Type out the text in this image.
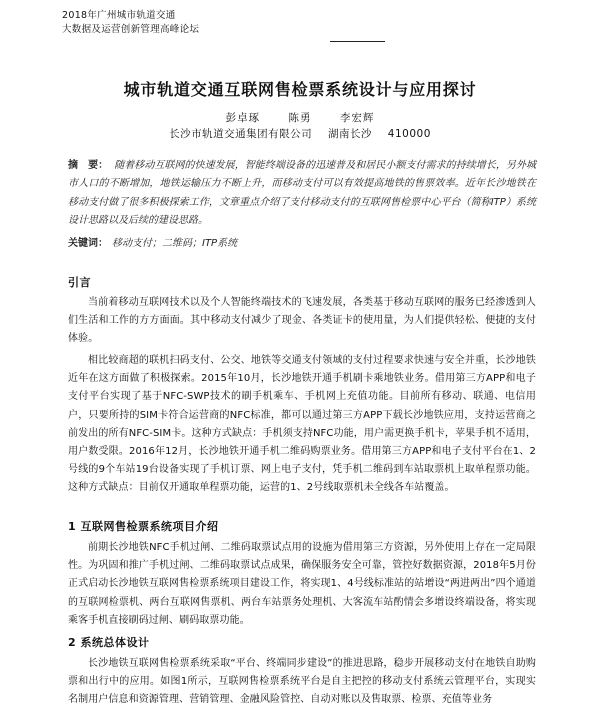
2018年广州城市轨道交通
大数据及运营创新管理高峰论坛
城市轨道交通互联网售检票系统设计与应用探讨
彭卓琢	陈勇	李宏辉
长沙市轨道交通集团有限公司 湖南长沙 410000
摘　要： 随着移动互联网的快速发展，智能终端设备的迅速普及和居民小额支付需求的持续增长，另外城市人口的不断增加，地铁运输压力不断上升，而移动支付可以有效提高地铁的售票效率。近年长沙地铁在移动支付做了很多积极探索工作，文章重点介绍了支付移动支付的互联网售检票中心平台（简称ITP）系统设计思路以及后续的建设思路。
关键词： 移动支付；二维码；ITP系统
引言
当前着移动互联网技术以及个人智能终端技术的飞速发展，各类基于移动互联网的服务已经渗透到人们生活和工作的方方面面。其中移动支付减少了现金、各类证卡的使用量，为人们提供轻松、便捷的支付体验。
相比较商超的联机扫码支付、公交、地铁等交通支付领域的支付过程要求快速与安全并重，长沙地铁近年在这方面做了积极探索。2015年10月，长沙地铁开通手机刷卡乘地铁业务。借用第三方APP和电子支付平台实现了基于NFC-SWP技术的刷手机乘车、手机网上充值功能。目前所有移动、联通、电信用户，只要所持的SIM卡符合运营商的NFC标准，都可以通过第三方APP下载长沙地铁应用，支持运营商之前发出的所有NFC-SIM卡。这种方式缺点：手机须支持NFC功能，用户需更换手机卡，苹果手机不适用，用户数受限。2016年12月，长沙地铁开通手机二维码购票业务。借用第三方APP和电子支付平台在1、2号线的9个车站19台设备实现了手机订票、网上电子支付，凭手机二维码到车站取票机上取单程票功能。这种方式缺点：目前仅开通取单程票功能，运营的1、2号线取票机未全线各车站覆盖。
1 互联网售检票系统项目介绍
前期长沙地铁NFC手机过闸、二维码取票试点用的设施为借用第三方资源，另外使用上存在一定局限性。为巩固和推广手机过闸、二维码取票试点成果，确保服务安全可靠，管控好数据资源，2018年5月份正式启动长沙地铁互联网售检票系统项目建设工作，将实现1、4号线标准站的站增设“两进两出”四个通道的互联网检票机、两台互联网售票机、两台车站票务处理机、大客流车站酌情会多增设终端设备，将实现乘客手机直接刷码过闸、刷码取票功能。
2 系统总体设计
长沙地铁互联网售检票系统采取“平台、终端同步建设”的推进思路，稳步开展移动支付在地铁自助购票和出行中的应用。如图1所示，互联网售检票系统平台是自主把控的移动支付系统云管理平台，实现实名制用户信息和资源管理、营销管理、金融风险管控、自动对账以及售取票、检票、充值等业务
